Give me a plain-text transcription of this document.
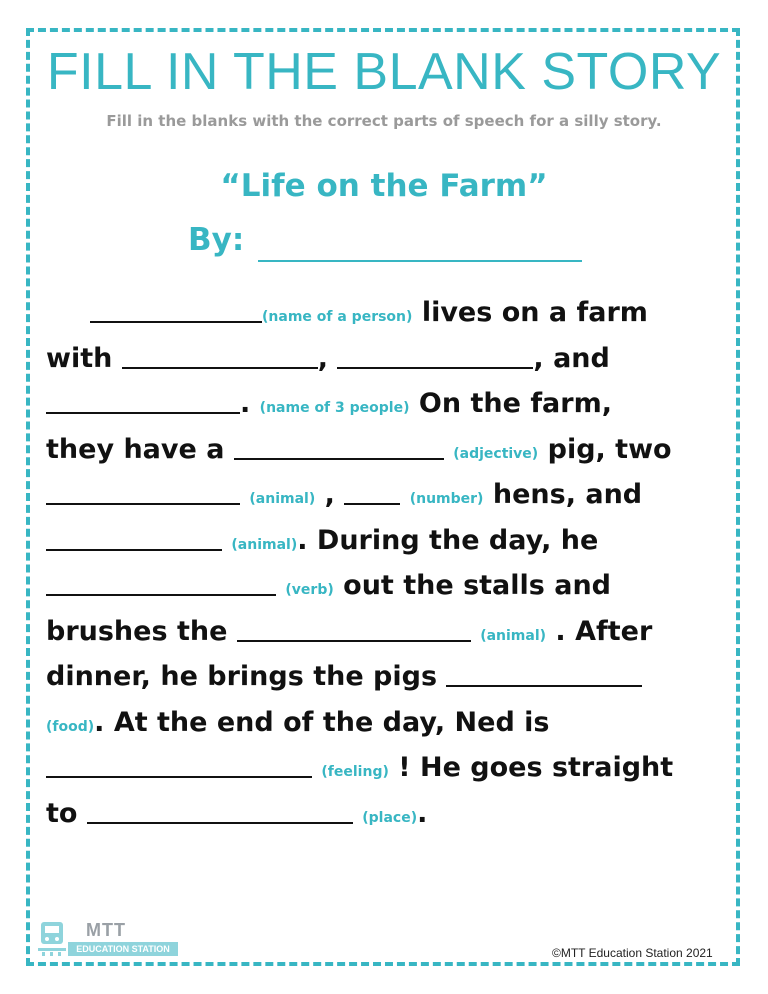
FILL IN THE BLANK STORY
Fill in the blanks with the correct parts of speech for a silly story.
“Life on the Farm”
By:
(name of a person) lives on a farm
with	,	, and
. (name of 3 people) On the farm,
they have a	(adjective) pig, two
(animal) ,	(number) hens, and
(animal). During the day, he
(verb) out the stalls and
brushes the	(animal) . After
dinner, he brings the pigs
(food). At the end of the day, Ned is
(feeling) ! He goes straight
to	(place).
MTT
EDUCATION STATION	©MTT Education Station 2021
